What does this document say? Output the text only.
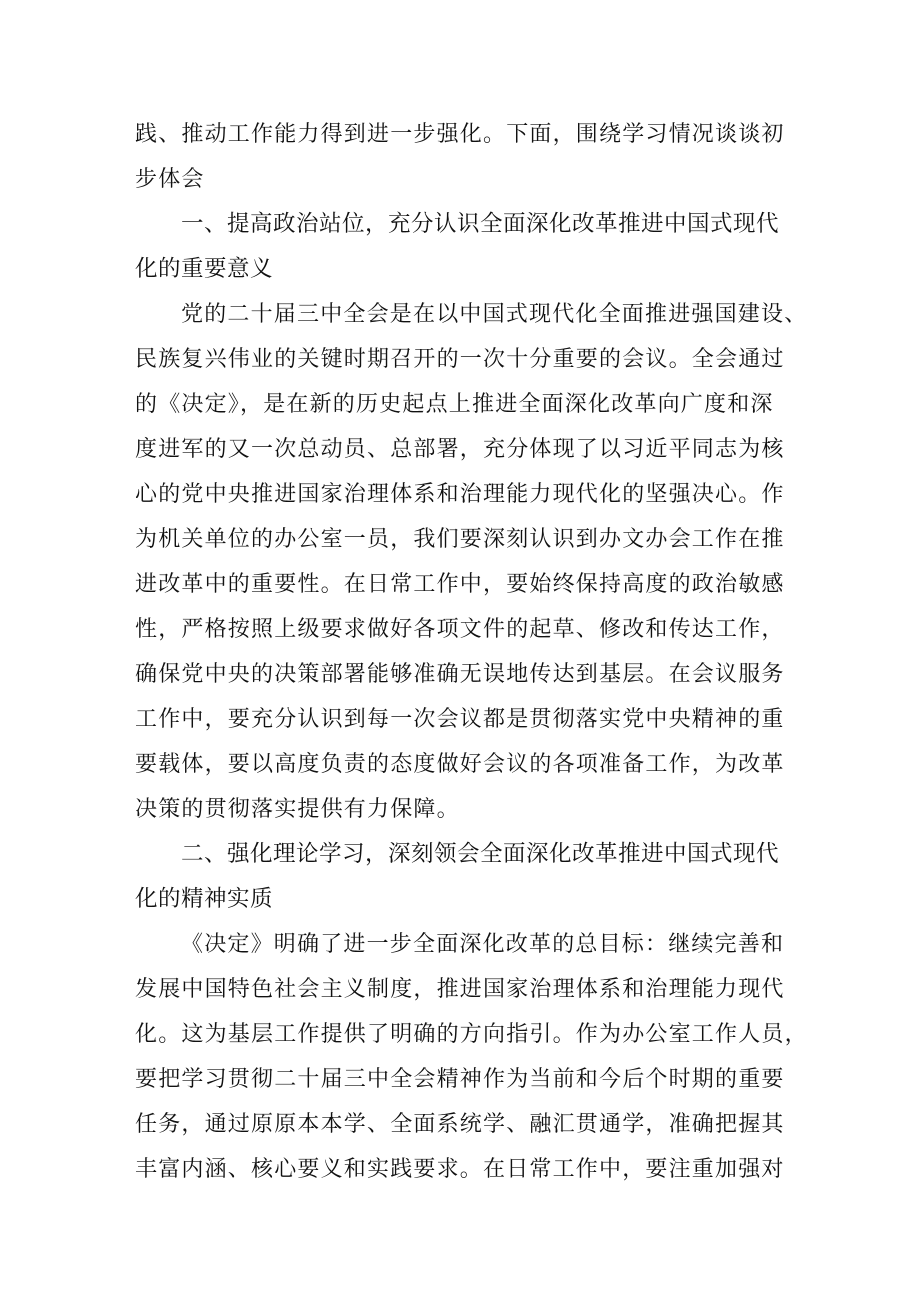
践、推动工作能力得到进一步强化。下面，围绕学习情况谈谈初
步体会
一、提高政治站位，充分认识全面深化改革推进中国式现代
化的重要意义
党的二十届三中全会是在以中国式现代化全面推进强国建设、
民族复兴伟业的关键时期召开的一次十分重要的会议。全会通过
的《决定》，是在新的历史起点上推进全面深化改革向广度和深
度进军的又一次总动员、总部署，充分体现了以习近平同志为核
心的党中央推进国家治理体系和治理能力现代化的坚强决心。作
为机关单位的办公室一员，我们要深刻认识到办文办会工作在推
进改革中的重要性。在日常工作中，要始终保持高度的政治敏感
性，严格按照上级要求做好各项文件的起草、修改和传达工作，
确保党中央的决策部署能够准确无误地传达到基层。在会议服务
工作中，要充分认识到每一次会议都是贯彻落实党中央精神的重
要载体，要以高度负责的态度做好会议的各项准备工作，为改革
决策的贯彻落实提供有力保障。
二、强化理论学习，深刻领会全面深化改革推进中国式现代
化的精神实质
《决定》明确了进一步全面深化改革的总目标：继续完善和
发展中国特色社会主义制度，推进国家治理体系和治理能力现代
化。这为基层工作提供了明确的方向指引。作为办公室工作人员，
要把学习贯彻二十届三中全会精神作为当前和今后个时期的重要
任务，通过原原本本学、全面系统学、融汇贯通学，准确把握其
丰富内涵、核心要义和实践要求。在日常工作中，要注重加强对
